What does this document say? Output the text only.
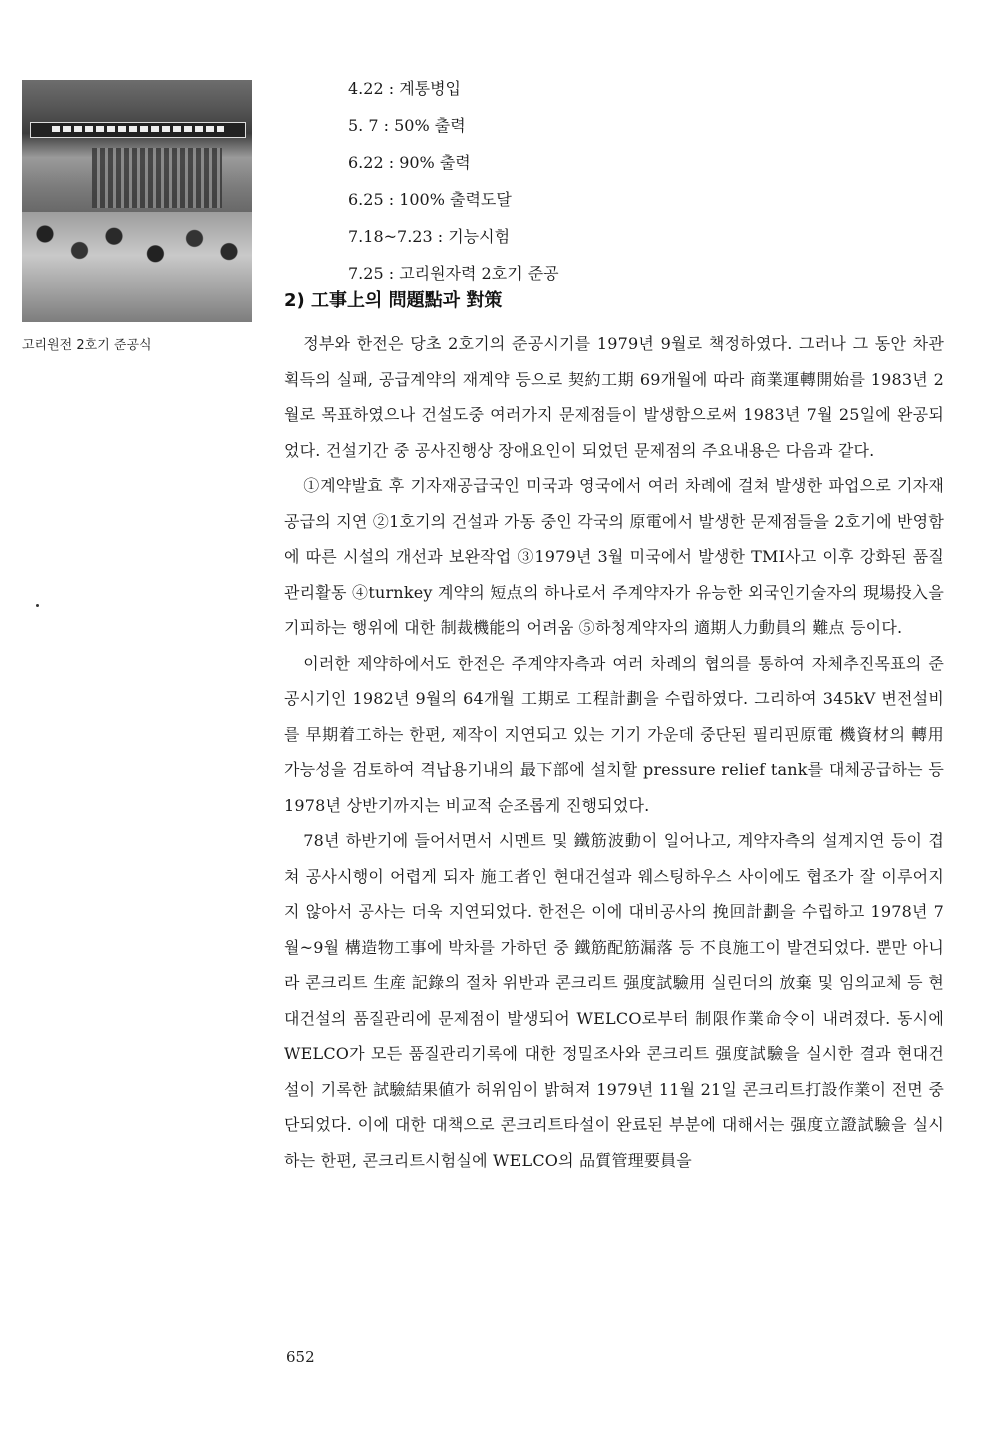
고리원전 2호기 준공식
4.22 : 계통병입
5. 7 : 50% 출력
6.22 : 90% 출력
6.25 : 100% 출력도달
7.18~7.23 : 기능시험
7.25 : 고리원자력 2호기 준공
2) 工事上의 問題點과 對策

정부와 한전은 당초 2호기의 준공시기를 1979년 9월로 책정하였다. 그러나 그 동안 차관획득의 실패, 공급계약의 재계약 등으로 契約工期 69개월에 따라 商業運轉開始를 1983년 2월로 목표하였으나 건설도중 여러가지 문제점들이 발생함으로써 1983년 7월 25일에 완공되었다. 건설기간 중 공사진행상 장애요인이 되었던 문제점의 주요내용은 다음과 같다.

①계약발효 후 기자재공급국인 미국과 영국에서 여러 차례에 걸쳐 발생한 파업으로 기자재공급의 지연 ②1호기의 건설과 가동 중인 각국의 原電에서 발생한 문제점들을 2호기에 반영함에 따른 시설의 개선과 보완작업 ③1979년 3월 미국에서 발생한 TMI사고 이후 강화된 품질관리활동 ④turnkey 계약의 短点의 하나로서 주계약자가 유능한 외국인기술자의 現場投入을 기피하는 행위에 대한 制裁機能의 어려움 ⑤하청계약자의 適期人力動員의 難点 등이다.

이러한 제약하에서도 한전은 주계약자측과 여러 차례의 협의를 통하여 자체추진목표의 준공시기인 1982년 9월의 64개월 工期로 工程計劃을 수립하였다. 그리하여 345kV 변전설비를 早期着工하는 한편, 제작이 지연되고 있는 기기 가운데 중단된 필리핀原電 機資材의 轉用 가능성을 검토하여 격납용기내의 最下部에 설치할 pressure relief tank를 대체공급하는 등 1978년 상반기까지는 비교적 순조롭게 진행되었다.

78년 하반기에 들어서면서 시멘트 및 鐵筋波動이 일어나고, 계약자측의 설계지연 등이 겹쳐 공사시행이 어렵게 되자 施工者인 현대건설과 웨스팅하우스 사이에도 협조가 잘 이루어지지 않아서 공사는 더욱 지연되었다. 한전은 이에 대비공사의 挽回計劃을 수립하고 1978년 7월~9월 構造物工事에 박차를 가하던 중 鐵筋配筋漏落 등 不良施工이 발견되었다. 뿐만 아니라 콘크리트 生産 記錄의 절차 위반과 콘크리트 强度試驗用 실린더의 放棄 및 임의교체 등 현대건설의 품질관리에 문제점이 발생되어 WELCO로부터 制限作業命令이 내려졌다. 동시에 WELCO가 모든 품질관리기록에 대한 정밀조사와 콘크리트 强度試驗을 실시한 결과 현대건설이 기록한 試驗結果値가 허위임이 밝혀져 1979년 11월 21일 콘크리트打設作業이 전면 중단되었다. 이에 대한 대책으로 콘크리트타설이 완료된 부분에 대해서는 强度立證試驗을 실시하는 한편, 콘크리트시험실에 WELCO의 品質管理要員을

652
